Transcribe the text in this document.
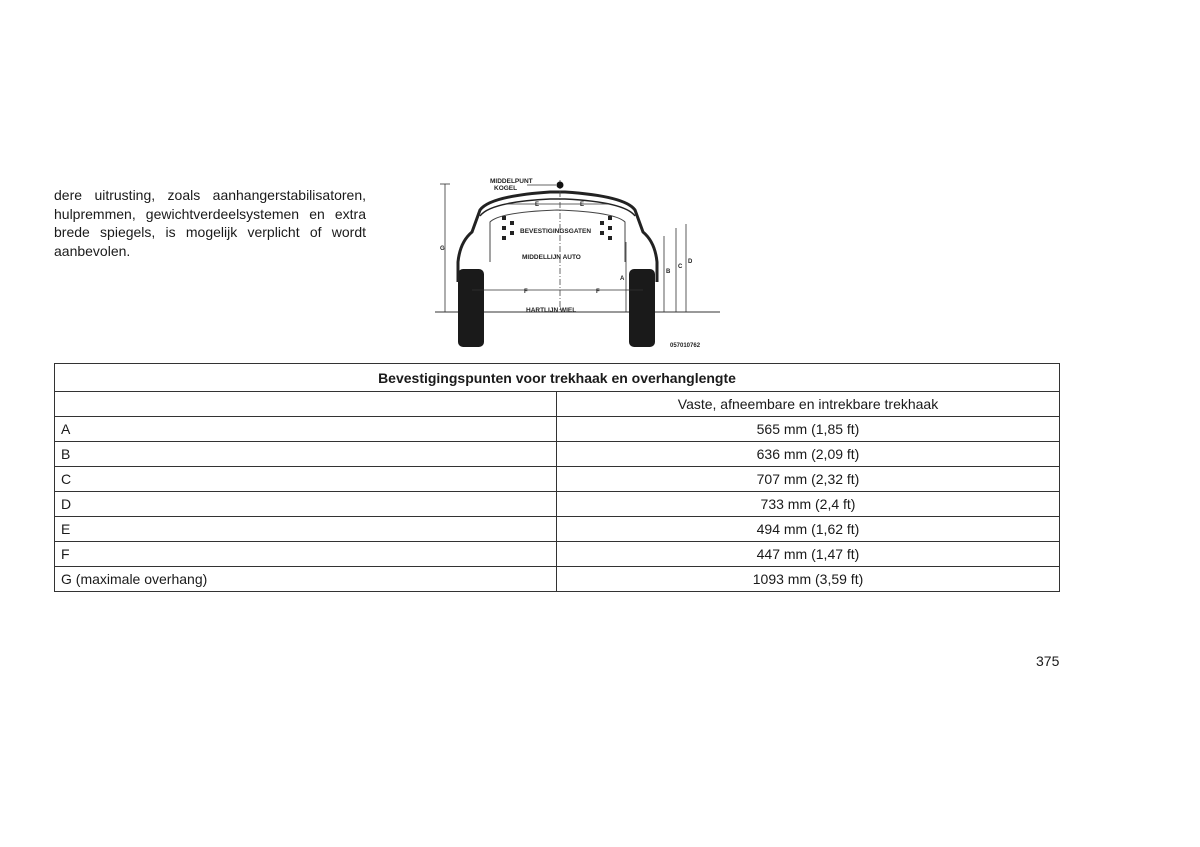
dere uitrusting, zoals aanhangerstabilisatoren, hulpremmen, gewichtverdeelsystemen en extra brede spiegels, is mogelijk verplicht of wordt aanbevolen.

MIDDELPUNT
KOGEL
E	E
BEVESTIGINGSGATEN
MIDDELLIJN AUTO
F	F
HARTLIJN WIEL
G
A
B
C
D
057010762
Bevestigingspunten voor trekhaak en overhanglengte	
	Vaste, afneembare en intrekbare trekhaak
A	565 mm (1,85 ft)
B	636 mm (2,09 ft)
C	707 mm (2,32 ft)
D	733 mm (2,4 ft)
E	494 mm (1,62 ft)
F	447 mm (1,47 ft)
G (maximale overhang)	1093 mm (3,59 ft)
375
